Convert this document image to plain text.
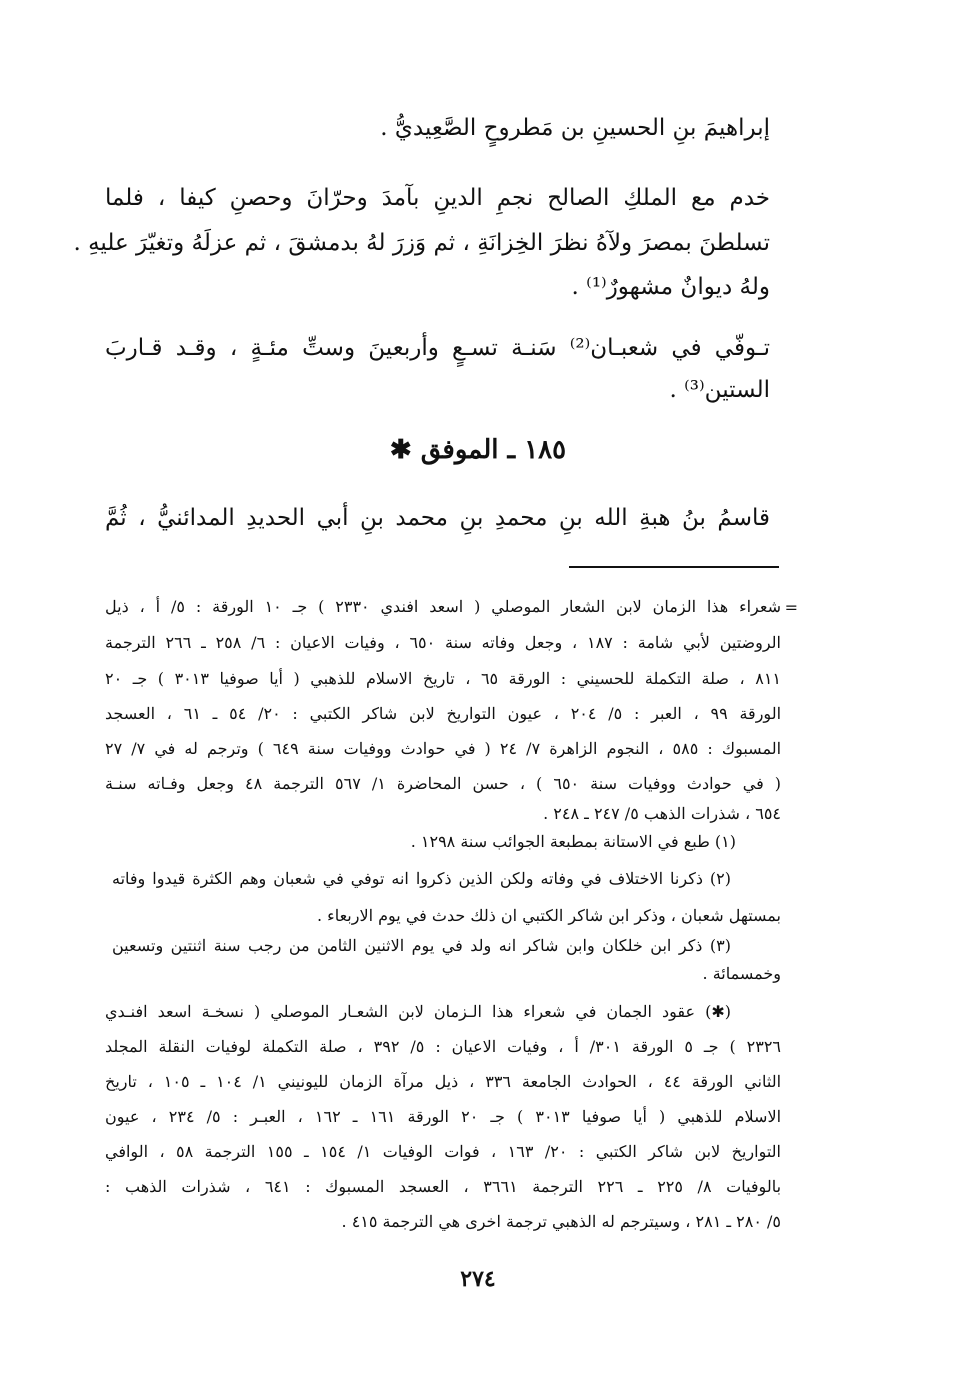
إبراهيمَ بنِ الحسينِ بن مَطروحٍ الصَّعِيديُّ .
خدم مع الملكِ الصالح نجمِ الدينِ بآمدَ وحرّانَ وحصنِ كيفا ، فلما
تسلطنَ بمصرَ ولآهُ نظرَ الخِزانَةِ ، ثم وَزرَ لهُ بدمشقَ ، ثم عزلَهُ وتغيّرَ عليهِ .
ولهُ ديوانٌ مشهورٌ⁽¹⁾ .
تـوفّي في شعبـان⁽²⁾ سَنـة تسـعٍ وأربعينَ وستِّ مئـةٍ ، وقـد قـاربَ
الستين⁽³⁾ .
١٨٥ ـ الموفق ✱
قاسمُ بنُ هبةِ الله بنِ محمدِ بنِ محمد بنِ أبي الحديدِ المدائنيُّ ، ثُمَّ
=
شعراء هذا الزمان لابن الشعار الموصلي ( اسعد افندي ٢٣٣٠ ) جـ ١٠ الورقة : ٥/ أ ، ذيل
الروضتين لأبي شامة : ١٨٧ ، وجعل وفاته سنة ٦٥٠ ، وفيات الاعيان : ٦/ ٢٥٨ ـ ٢٦٦ الترجمة
٨١١ ، صلة التكملة للحسيني : الورقة ٦٥ ، تاريخ الاسلام للذهبي ( أيا صوفيا ٣٠١٣ ) جـ ٢٠
الورقة ٩٩ ، العبر : ٥/ ٢٠٤ ، عيون التواريخ لابن شاكر الكتبي : ٢٠/ ٥٤ ـ ٦١ ، العسجد
المسبوك : ٥٨٥ ، النجوم الزاهرة ٧/ ٢٤ ( في حوادث ووفيات سنة ٦٤٩ ) وترجم له في ٧/ ٢٧
( في حوادث ووفيات سنة ٦٥٠ ) ، حسن المحاضرة ١/ ٥٦٧ الترجمة ٤٨ وجعل وفـاته سنـة
٦٥٤ ، شذرات الذهب ٥/ ٢٤٧ ـ ٢٤٨ .
(١) طبع في الاستانة بمطبعة الجوائب سنة ١٢٩٨ .
(٢) ذكرنا الاختلاف في وفاته ولكن الذين ذكروا انه توفي في شعبان وهم الكثرة قيدوا وفاته
بمستهل شعبان ، وذكر ابن شاكر الكتبي ان ذلك حدث في يوم الاربعاء .
(٣) ذكر ابن خلكان وابن شاكر انه ولد في يوم الاثنين الثامن من رجب سنة اثنتين وتسعين
وخمسمائة .
(✱) عقود الجمان في شعراء هذا الـزمان لابن الشعـار الموصلي ( نسخـة اسعد افنـدي
٢٣٢٦ ) جـ ٥ الورقة ٣٠١/ أ ، وفيات الاعيان : ٥/ ٣٩٢ ، صلة التكملة لوفيات النقلة المجلد
الثاني الورقة ٤٤ ، الحوادث الجامعة ٣٣٦ ، ذيل مرآة الزمان لليونيني ١/ ١٠٤ ـ ١٠٥ ، تاريخ
الاسلام للذهبي ( أيا صوفيا ٣٠١٣ ) جـ ٢٠ الورقة ١٦١ ـ ١٦٢ ، العبـر : ٥/ ٢٣٤ ، عيون
التواريخ لابن شاكر الكتبي : ٢٠/ ١٦٣ ، فوات الوفيات ١/ ١٥٤ ـ ١٥٥ الترجمة ٥٨ ، الوافي
بالوفيات ٨/ ٢٢٥ ـ ٢٢٦ الترجمة ٣٦٦١ ، العسجد المسبوك : ٦٤١ ، شذرات الذهب :
٥/ ٢٨٠ ـ ٢٨١ ، وسيترجم له الذهبي ترجمة اخرى هي الترجمة ٤١٥ .
٢٧٤
